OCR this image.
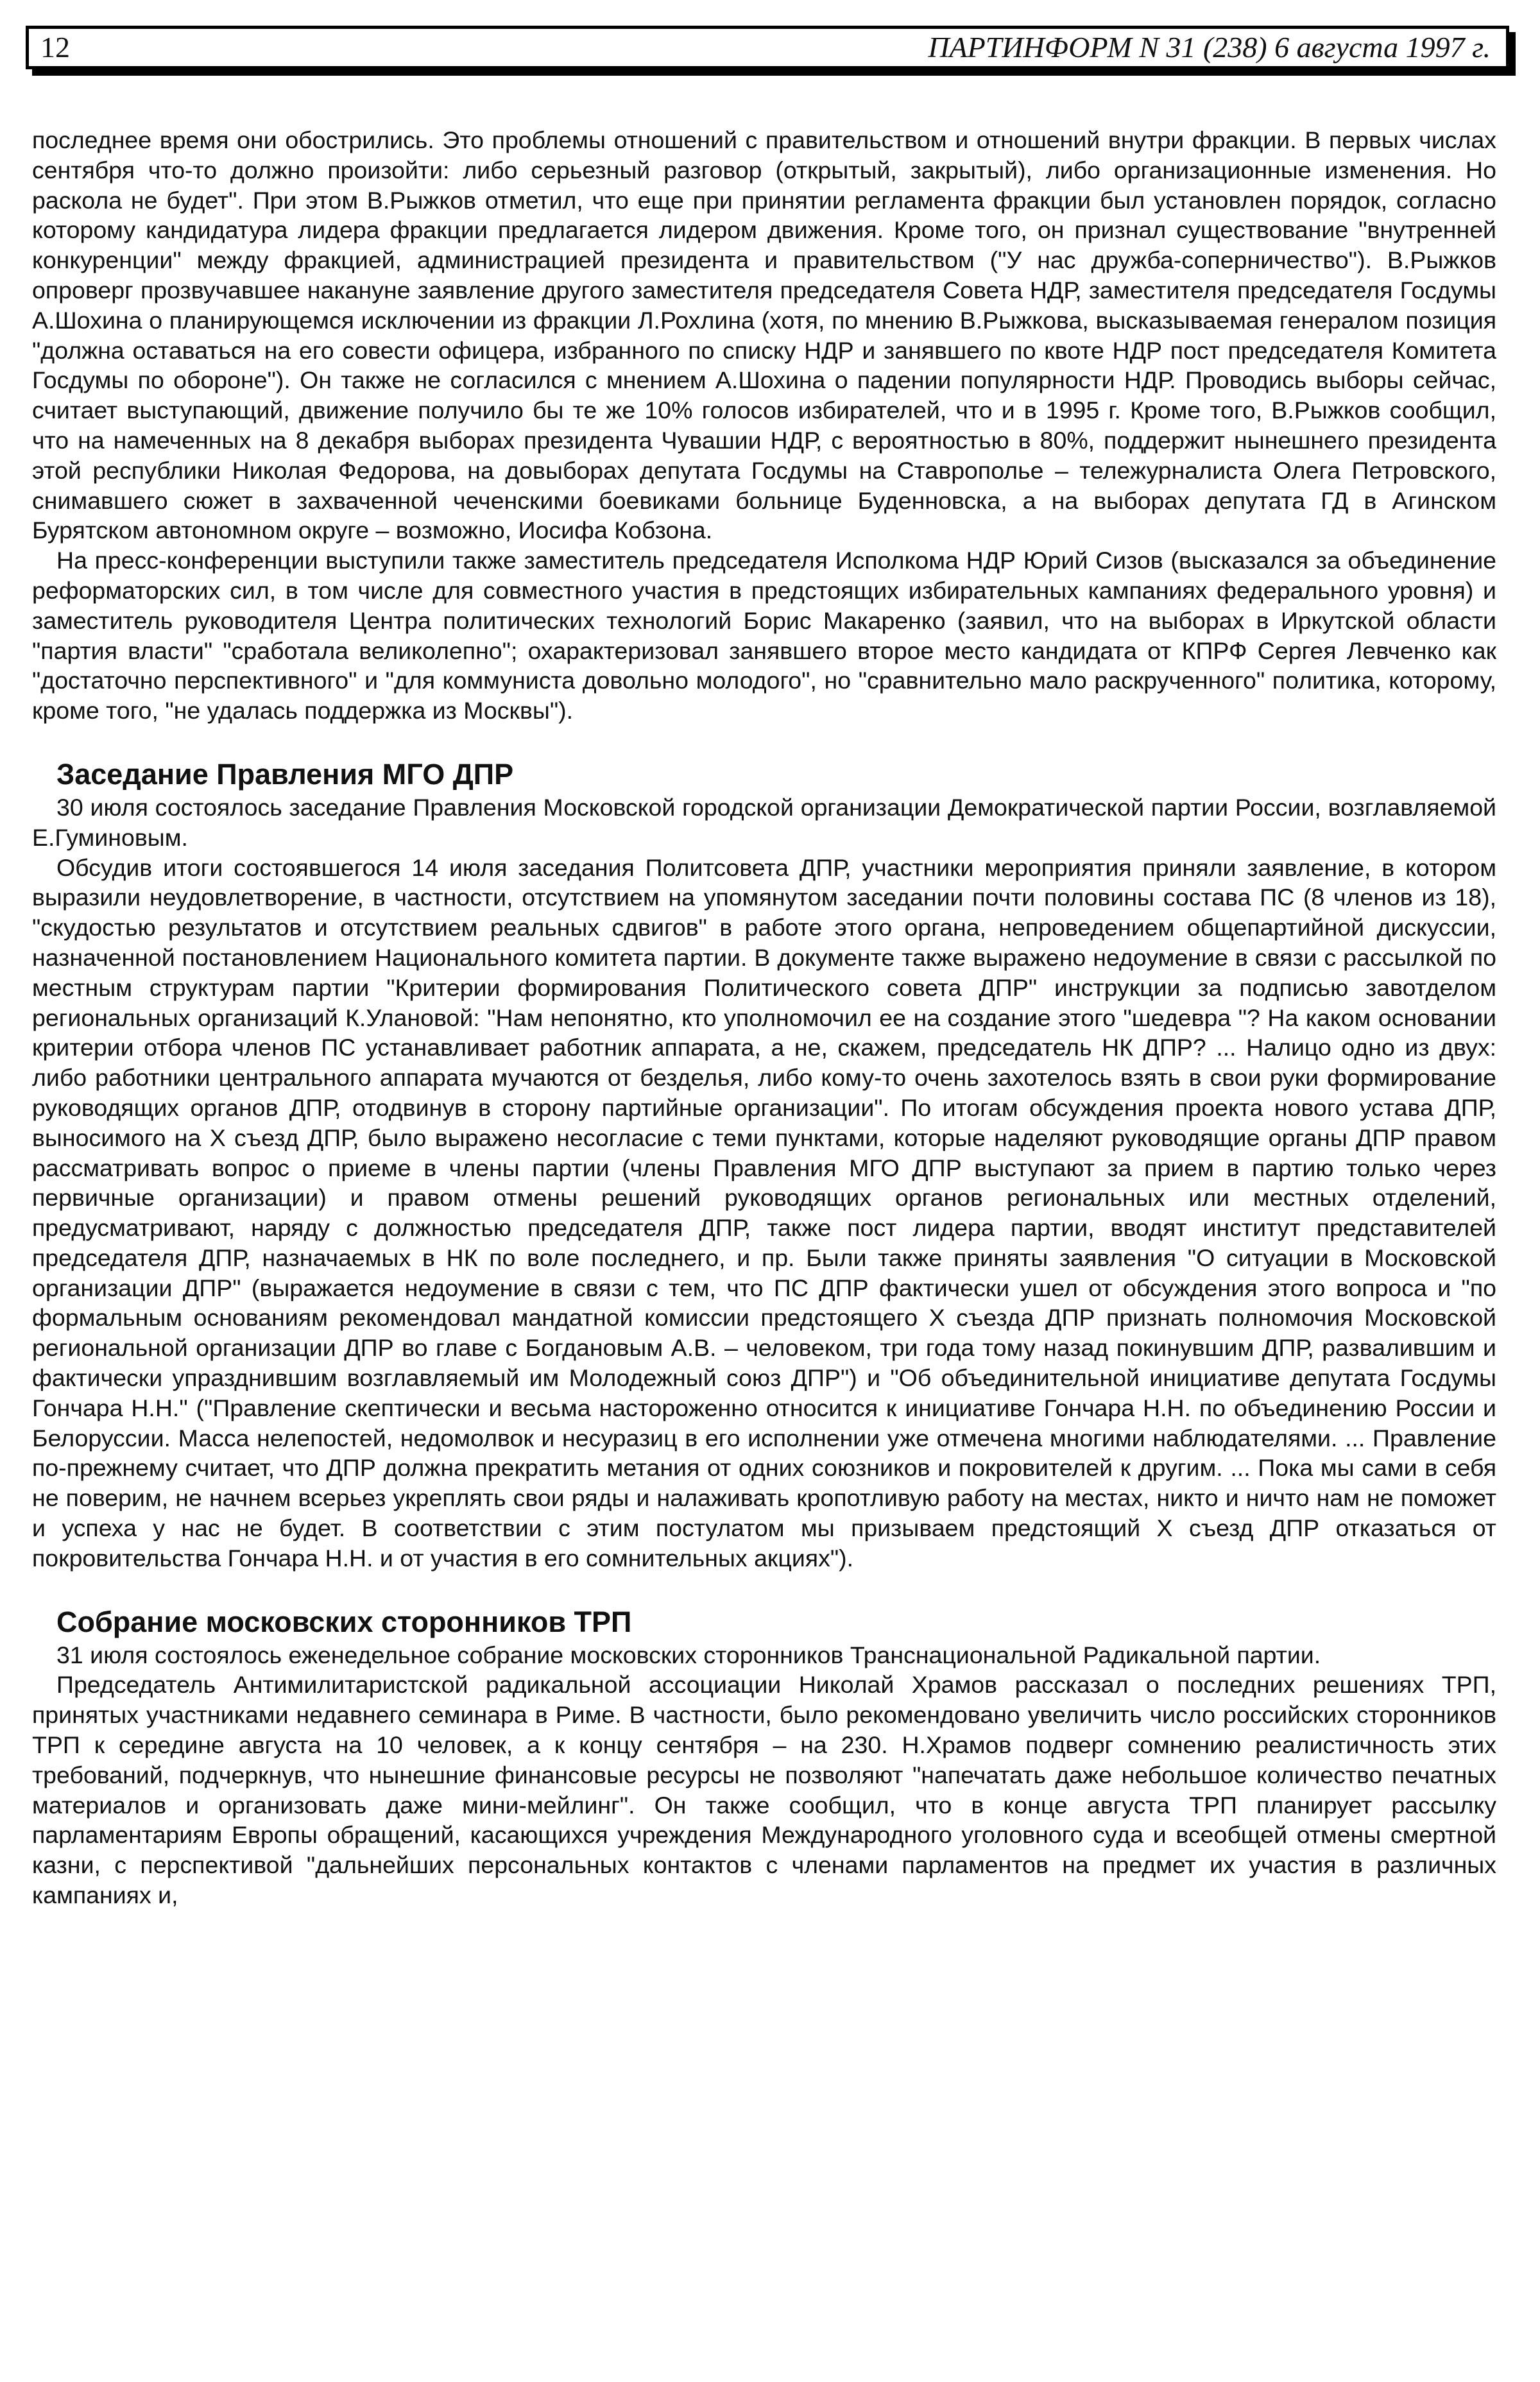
12	ПАРТИНФОРМ N 31 (238) 6 августа 1997 г.

последнее время они обострились. Это проблемы отношений с правительством и отношений внутри фракции. В первых числах сентября что-то должно произойти: либо серьезный разговор (открытый, закрытый), либо организационные изменения. Но раскола не будет". При этом В.Рыжков отметил, что еще при принятии регламента фракции был установлен порядок, согласно которому кандидатура лидера фракции предлагается лидером движения. Кроме того, он признал существование "внутренней конкуренции" между фракцией, администрацией президента и правительством ("У нас дружба-соперничество"). В.Рыжков опроверг прозвучавшее накануне заявление другого заместителя председателя Совета НДР, заместителя председателя Госдумы А.Шохина о планирующемся исключении из фракции Л.Рохлина (хотя, по мнению В.Рыжкова, высказываемая генералом позиция "должна оставаться на его совести офицера, избранного по списку НДР и занявшего по квоте НДР пост председателя Комитета Госдумы по обороне"). Он также не согласился с мнением А.Шохина о падении популярности НДР. Проводись выборы сейчас, считает выступающий, движение получило бы те же 10% голосов избирателей, что и в 1995 г. Кроме того, В.Рыжков сообщил, что на намеченных на 8 декабря выборах президента Чувашии НДР, с вероятностью в 80%, поддержит нынешнего президента этой республики Николая Федорова, на довыборах депутата Госдумы на Ставрополье – тележурналиста Олега Петровского, снимавшего сюжет в захваченной чеченскими боевиками больнице Буденновска, а на выборах депутата ГД в Агинском Бурятском автономном округе – возможно, Иосифа Кобзона.

На пресс-конференции выступили также заместитель председателя Исполкома НДР Юрий Сизов (высказался за объединение реформаторских сил, в том числе для совместного участия в предстоящих избирательных кампаниях федерального уровня) и заместитель руководителя Центра политических технологий Борис Макаренко (заявил, что на выборах в Иркутской области "партия власти" "сработала великолепно"; охарактеризовал занявшего второе место кандидата от КПРФ Сергея Левченко как "достаточно перспективного" и "для коммуниста довольно молодого", но "сравнительно мало раскрученного" политика, которому, кроме того, "не удалась поддержка из Москвы").

Заседание Правления МГО ДПР

30 июля состоялось заседание Правления Московской городской организации Демократической партии России, возглавляемой Е.Гуминовым.

Обсудив итоги состоявшегося 14 июля заседания Политсовета ДПР, участники мероприятия приняли заявление, в котором выразили неудовлетворение, в частности, отсутствием на упомянутом заседании почти половины состава ПС (8 членов из 18), "скудостью результатов и отсутствием реальных сдвигов" в работе этого органа, непроведением общепартийной дискуссии, назначенной постановлением Национального комитета партии. В документе также выражено недоумение в связи с рассылкой по местным структурам партии "Критерии формирования Политического совета ДПР" инструкции за подписью завотделом региональных организаций К.Улановой: "Нам непонятно, кто уполномочил ее на создание этого "шедевра "? На каком основании критерии отбора членов ПС устанавливает работник аппарата, а не, скажем, председатель НК ДПР? ... Налицо одно из двух: либо работники центрального аппарата мучаются от безделья, либо кому-то очень захотелось взять в свои руки формирование руководящих органов ДПР, отодвинув в сторону партийные организации". По итогам обсуждения проекта нового устава ДПР, выносимого на X съезд ДПР, было выражено несогласие с теми пунктами, которые наделяют руководящие органы ДПР правом рассматривать вопрос о приеме в члены партии (члены Правления МГО ДПР выступают за прием в партию только через первичные организации) и правом отмены решений руководящих органов региональных или местных отделений, предусматривают, наряду с должностью председателя ДПР, также пост лидера партии, вводят институт представителей председателя ДПР, назначаемых в НК по воле последнего, и пр. Были также приняты заявления "О ситуации в Московской организации ДПР" (выражается недоумение в связи с тем, что ПС ДПР фактически ушел от обсуждения этого вопроса и "по формальным основаниям рекомендовал мандатной комиссии предстоящего X съезда ДПР признать полномочия Московской региональной организации ДПР во главе с Богдановым А.В. – человеком, три года тому назад покинувшим ДПР, развалившим и фактически упразднившим возглавляемый им Молодежный союз ДПР") и "Об объединительной инициативе депутата Госдумы Гончара Н.Н." ("Правление скептически и весьма настороженно относится к инициативе Гончара Н.Н. по объединению России и Белоруссии. Масса нелепостей, недомолвок и несуразиц в его исполнении уже отмечена многими наблюдателями. ... Правление по-прежнему считает, что ДПР должна прекратить метания от одних союзников и покровителей к другим. ... Пока мы сами в себя не поверим, не начнем всерьез укреплять свои ряды и налаживать кропотливую работу на местах, никто и ничто нам не поможет и успеха у нас не будет. В соответствии с этим постулатом мы призываем предстоящий X съезд ДПР отказаться от покровительства Гончара Н.Н. и от участия в его сомнительных акциях").

Собрание московских сторонников ТРП

31 июля состоялось еженедельное собрание московских сторонников Транснациональной Радикальной партии.

Председатель Антимилитаристской радикальной ассоциации Николай Храмов рассказал о последних решениях ТРП, принятых участниками недавнего семинара в Риме. В частности, было рекомендовано увеличить число российских сторонников ТРП к середине августа на 10 человек, а к концу сентября – на 230. Н.Храмов подверг сомнению реалистичность этих требований, подчеркнув, что нынешние финансовые ресурсы не позволяют "напечатать даже небольшое количество печатных материалов и организовать даже мини-мейлинг". Он также сообщил, что в конце августа ТРП планирует рассылку парламентариям Европы обращений, касающихся учреждения Международного уголовного суда и всеобщей отмены смертной казни, с перспективой "дальнейших персональных контактов с членами парламентов на предмет их участия в различных кампаниях и,
